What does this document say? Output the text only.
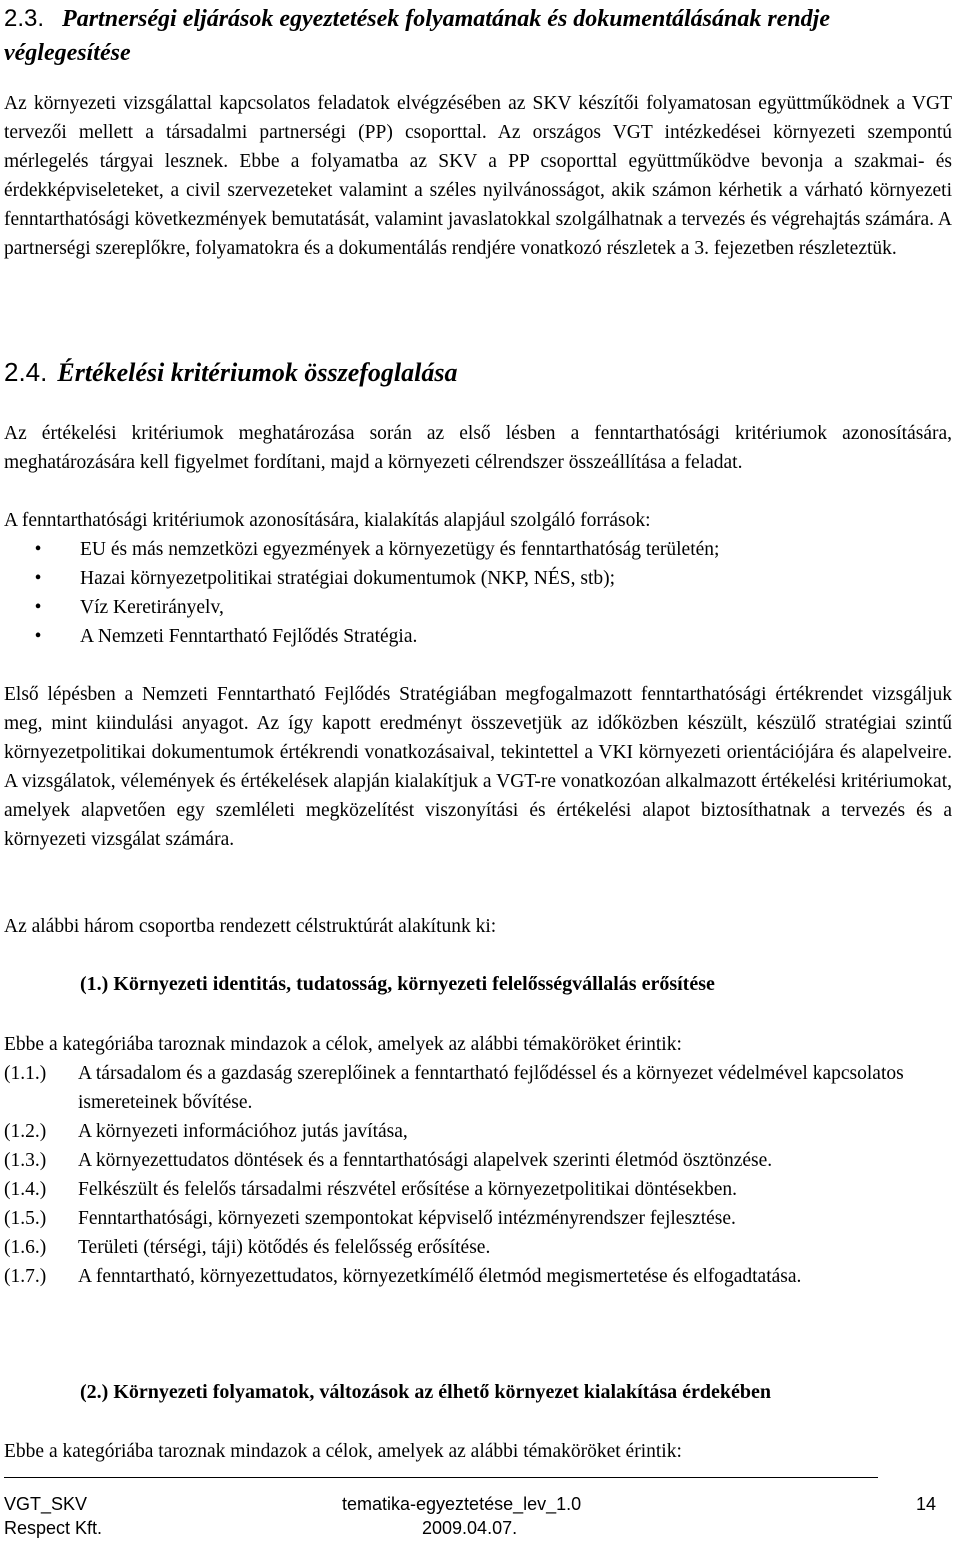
2.3. Partnerségi eljárások egyeztetések folyamatának és dokumentálásának rendje véglegesítése

Az környezeti vizsgálattal kapcsolatos feladatok elvégzésében az SKV készítői folyamatosan együttműködnek a VGT tervezői mellett a társadalmi partnerségi (PP) csoporttal. Az országos VGT intézkedései környezeti szempontú mérlegelés tárgyai lesznek. Ebbe a folyamatba az SKV a PP csoporttal együttműködve bevonja a szakmai- és érdekképviseleteket, a civil szervezeteket valamint a széles nyilvánosságot, akik számon kérhetik a várható környezeti fenntarthatósági következmények bemutatását, valamint javaslatokkal szolgálhatnak a tervezés és végrehajtás számára. A partnerségi szereplőkre, folyamatokra és a dokumentálás rendjére vonatkozó részletek a 3. fejezetben részleteztük.

2.4. Értékelési kritériumok összefoglalása

Az értékelési kritériumok meghatározása során az első lésben a fenntarthatósági kritériumok azonosítására, meghatározására kell figyelmet fordítani, majd a környezeti célrendszer összeállítása a feladat.

A fenntarthatósági kritériumok azonosítására, kialakítás alapjául szolgáló források:

•	EU és más nemzetközi egyezmények a környezetügy és fenntarthatóság területén;
•	Hazai környezetpolitikai stratégiai dokumentumok (NKP, NÉS, stb);
•	Víz Keretirányelv,
•	A Nemzeti Fenntartható Fejlődés Stratégia.

Első lépésben a Nemzeti Fenntartható Fejlődés Stratégiában megfogalmazott fenntarthatósági értékrendet vizsgáljuk meg, mint kiindulási anyagot. Az így kapott eredményt összevetjük az időközben készült, készülő stratégiai szintű környezetpolitikai dokumentumok értékrendi vonatkozásaival, tekintettel a VKI környezeti orientációjára és alapelveire. A vizsgálatok, vélemények és értékelések alapján kialakítjuk a VGT-re vonatkozóan alkalmazott értékelési kritériumokat, amelyek alapvetően egy szemléleti megközelítést viszonyítási és értékelési alapot biztosíthatnak a tervezés és a környezeti vizsgálat számára.

Az alábbi három csoportba rendezett célstruktúrát alakítunk ki:

(1.) Környezeti identitás, tudatosság, környezeti felelősségvállalás erősítése

Ebbe a kategóriába taroznak mindazok a célok, amelyek az alábbi témaköröket érintik:

(1.1.) A társadalom és a gazdaság szereplőinek a fenntartható fejlődéssel és a környezet védelmével kapcsolatos ismereteinek bővítése.
(1.2.) A környezeti információhoz jutás javítása,
(1.3.) A környezettudatos döntések és a fenntarthatósági alapelvek szerinti életmód ösztönzése.
(1.4.) Felkészült és felelős társadalmi részvétel erősítése a környezetpolitikai döntésekben.
(1.5.) Fenntarthatósági, környezeti szempontokat képviselő intézményrendszer fejlesztése.
(1.6.) Területi (térségi, táji) kötődés és felelősség erősítése.
(1.7.) A fenntartható, környezettudatos, környezetkímélő életmód megismertetése és elfogadtatása.
(2.) Környezeti folyamatok, változások az élhető környezet kialakítása érdekében

Ebbe a kategóriába taroznak mindazok a célok, amelyek az alábbi témaköröket érintik:

VGT_SKV
Respect Kft.
tematika-egyeztetése_lev_1.0
2009.04.07.
14
